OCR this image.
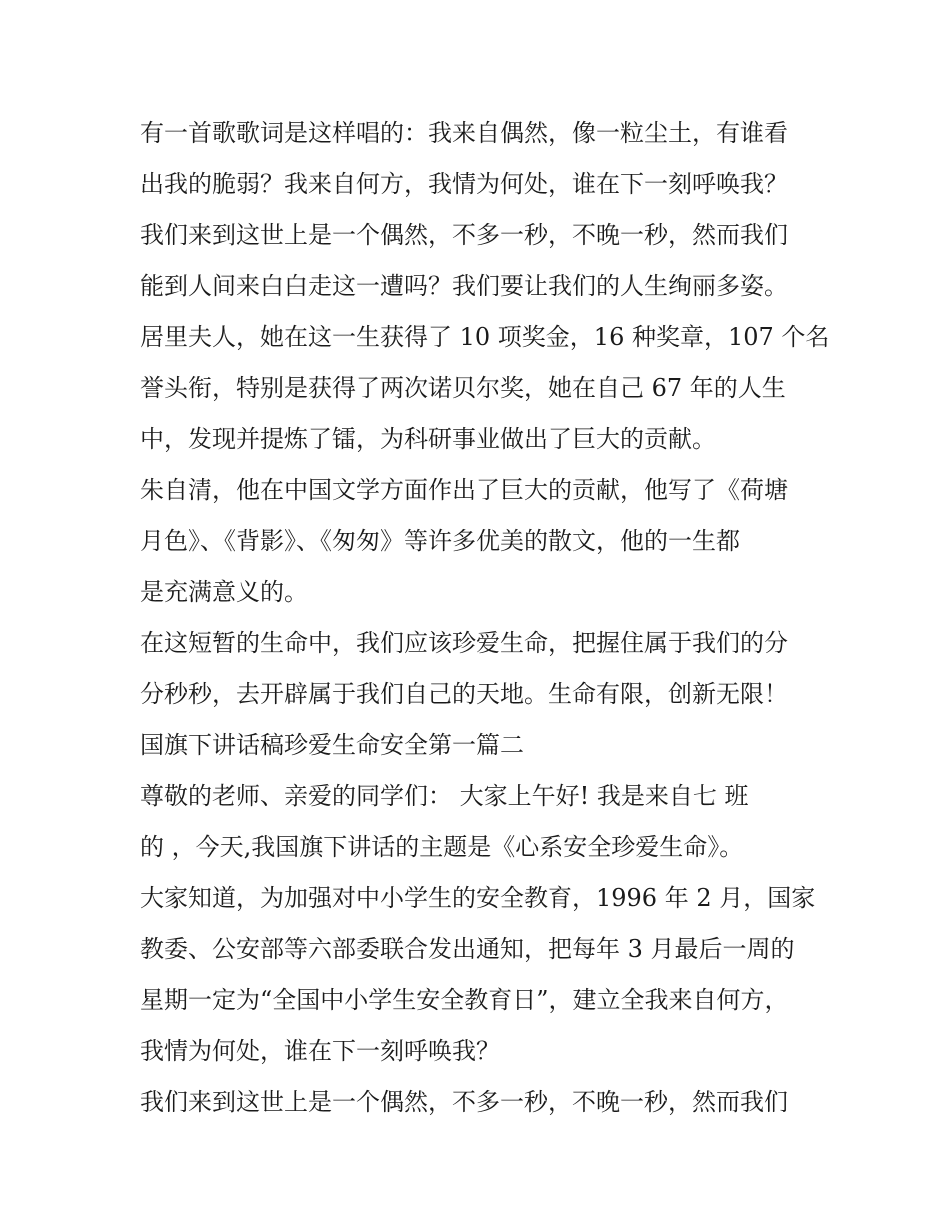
有一首歌歌词是这样唱的：我来自偶然，像一粒尘土，有谁看
出我的脆弱？我来自何方，我情为何处，谁在下一刻呼唤我？
我们来到这世上是一个偶然，不多一秒，不晚一秒，然而我们
能到人间来白白走这一遭吗？我们要让我们的人生绚丽多姿。
居里夫人，她在这一生获得了 10 项奖金，16 种奖章，107 个名
誉头衔，特别是获得了两次诺贝尔奖，她在自己 67 年的人生
中，发现并提炼了镭，为科研事业做出了巨大的贡献。
朱自清，他在中国文学方面作出了巨大的贡献，他写了《荷塘
月色》、《背影》、《匆匆》等许多优美的散文，他的一生都
是充满意义的。
在这短暂的生命中，我们应该珍爱生命，把握住属于我们的分
分秒秒，去开辟属于我们自己的天地。生命有限，创新无限！
国旗下讲话稿珍爱生命安全第一篇二
尊敬的老师、亲爱的同学们： 大家上午好! 我是来自七 班
的 ，今天,我国旗下讲话的主题是《心系安全珍爱生命》。
大家知道，为加强对中小学生的安全教育，1996 年 2 月，国家
教委、公安部等六部委联合发出通知，把每年 3 月最后一周的
星期一定为“全国中小学生安全教育日”，建立全我来自何方，
我情为何处，谁在下一刻呼唤我？
我们来到这世上是一个偶然，不多一秒，不晚一秒，然而我们
